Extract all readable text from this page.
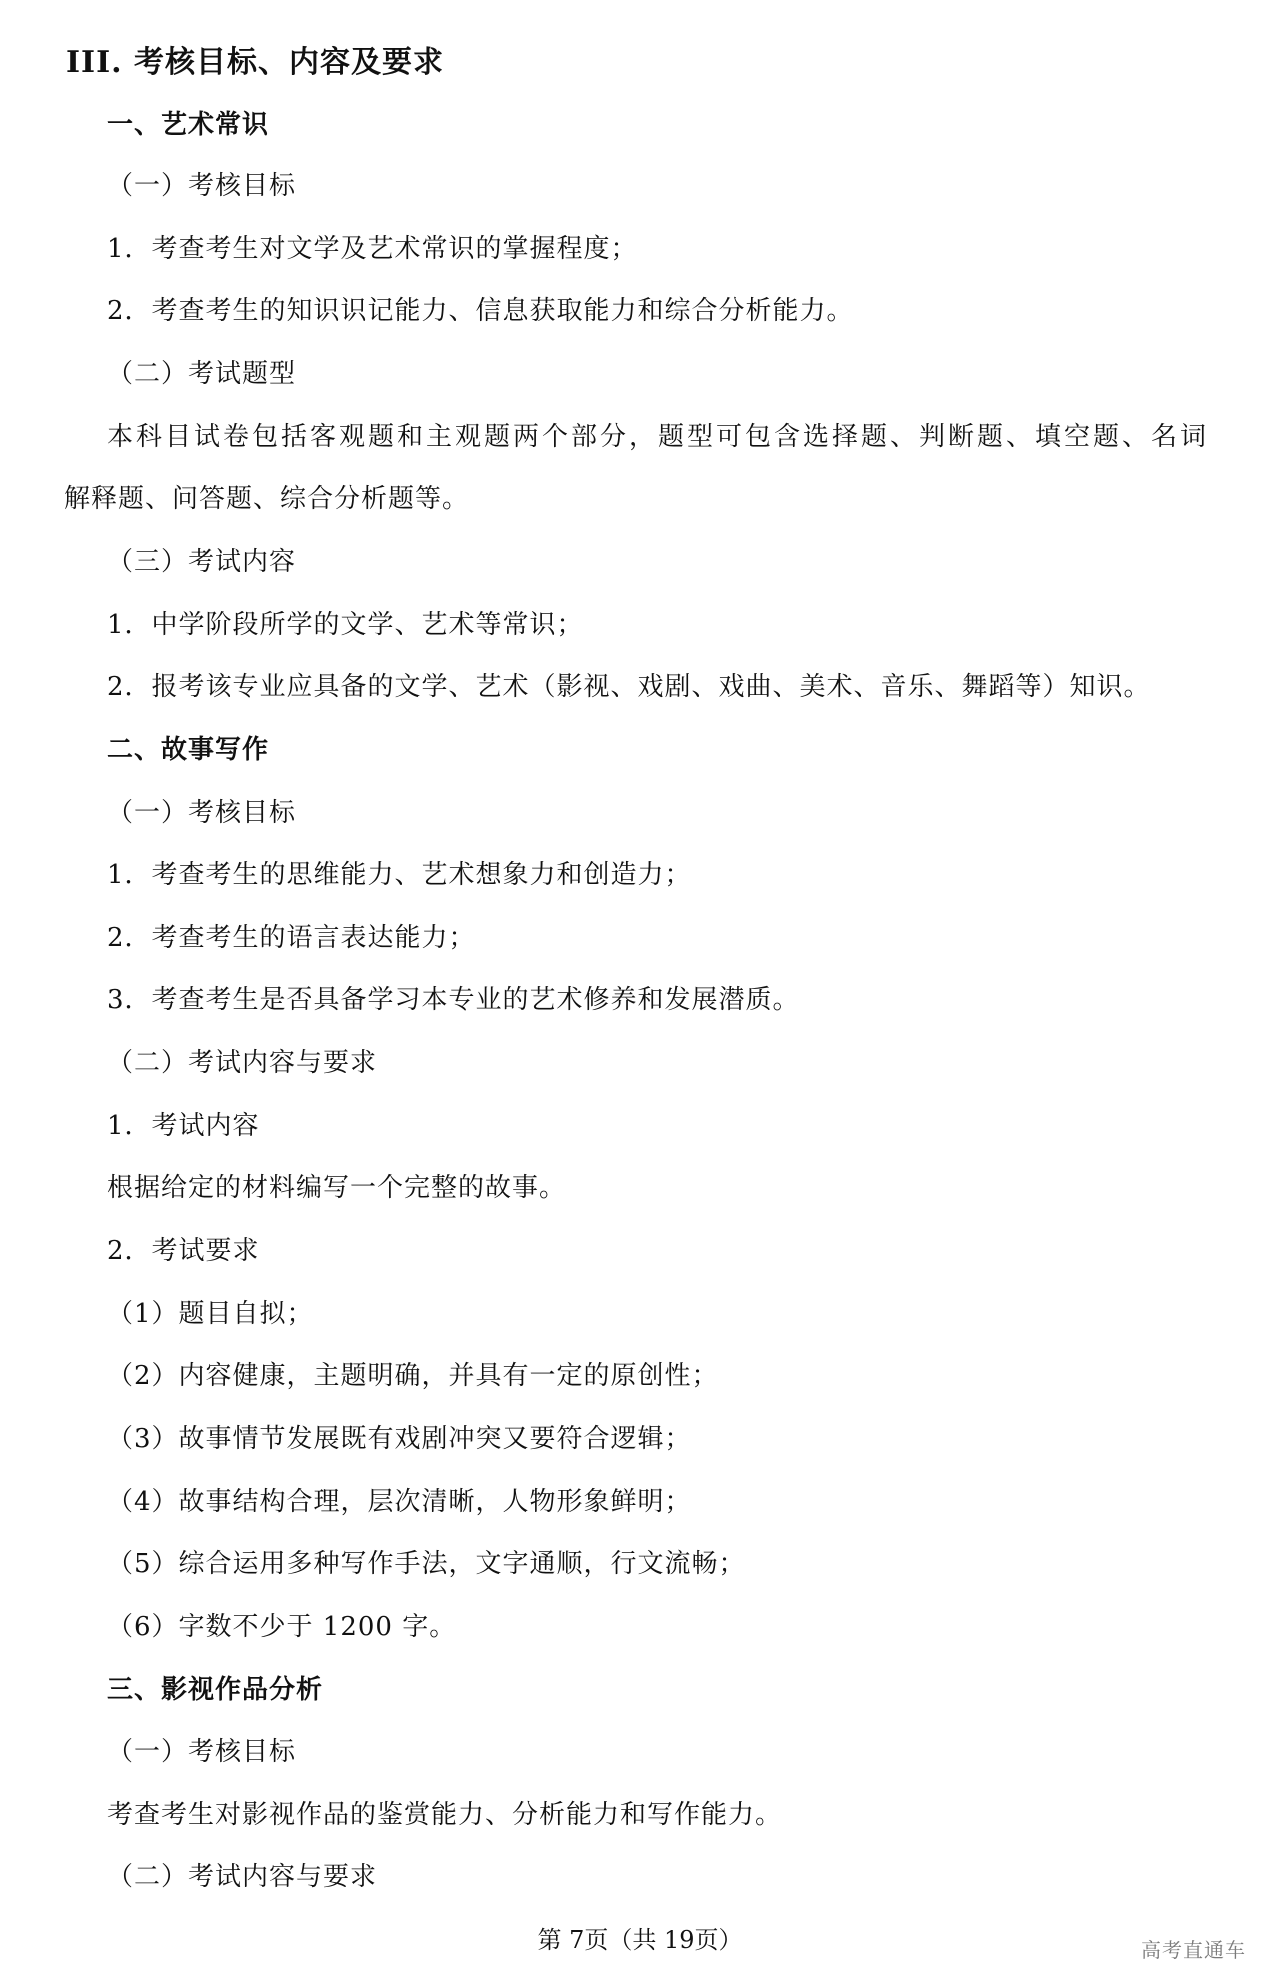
III. 考核目标、内容及要求
一、艺术常识
（一）考核目标
1．考查考生对文学及艺术常识的掌握程度；
2．考查考生的知识识记能力、信息获取能力和综合分析能力。
（二）考试题型
本科目试卷包括客观题和主观题两个部分，题型可包含选择题、判断题、填空题、名词
解释题、问答题、综合分析题等。
（三）考试内容
1．中学阶段所学的文学、艺术等常识；
2．报考该专业应具备的文学、艺术（影视、戏剧、戏曲、美术、音乐、舞蹈等）知识。
二、故事写作
（一）考核目标
1．考查考生的思维能力、艺术想象力和创造力；
2．考查考生的语言表达能力；
3．考查考生是否具备学习本专业的艺术修养和发展潜质。
（二）考试内容与要求
1．考试内容
根据给定的材料编写一个完整的故事。
2．考试要求
（1）题目自拟；
（2）内容健康，主题明确，并具有一定的原创性；
（3）故事情节发展既有戏剧冲突又要符合逻辑；
（4）故事结构合理，层次清晰，人物形象鲜明；
（5）综合运用多种写作手法，文字通顺，行文流畅；
（6）字数不少于 1200 字。
三、影视作品分析
（一）考核目标
考查考生对影视作品的鉴赏能力、分析能力和写作能力。
（二）考试内容与要求
第 7页（共 19页）	高考直通车
